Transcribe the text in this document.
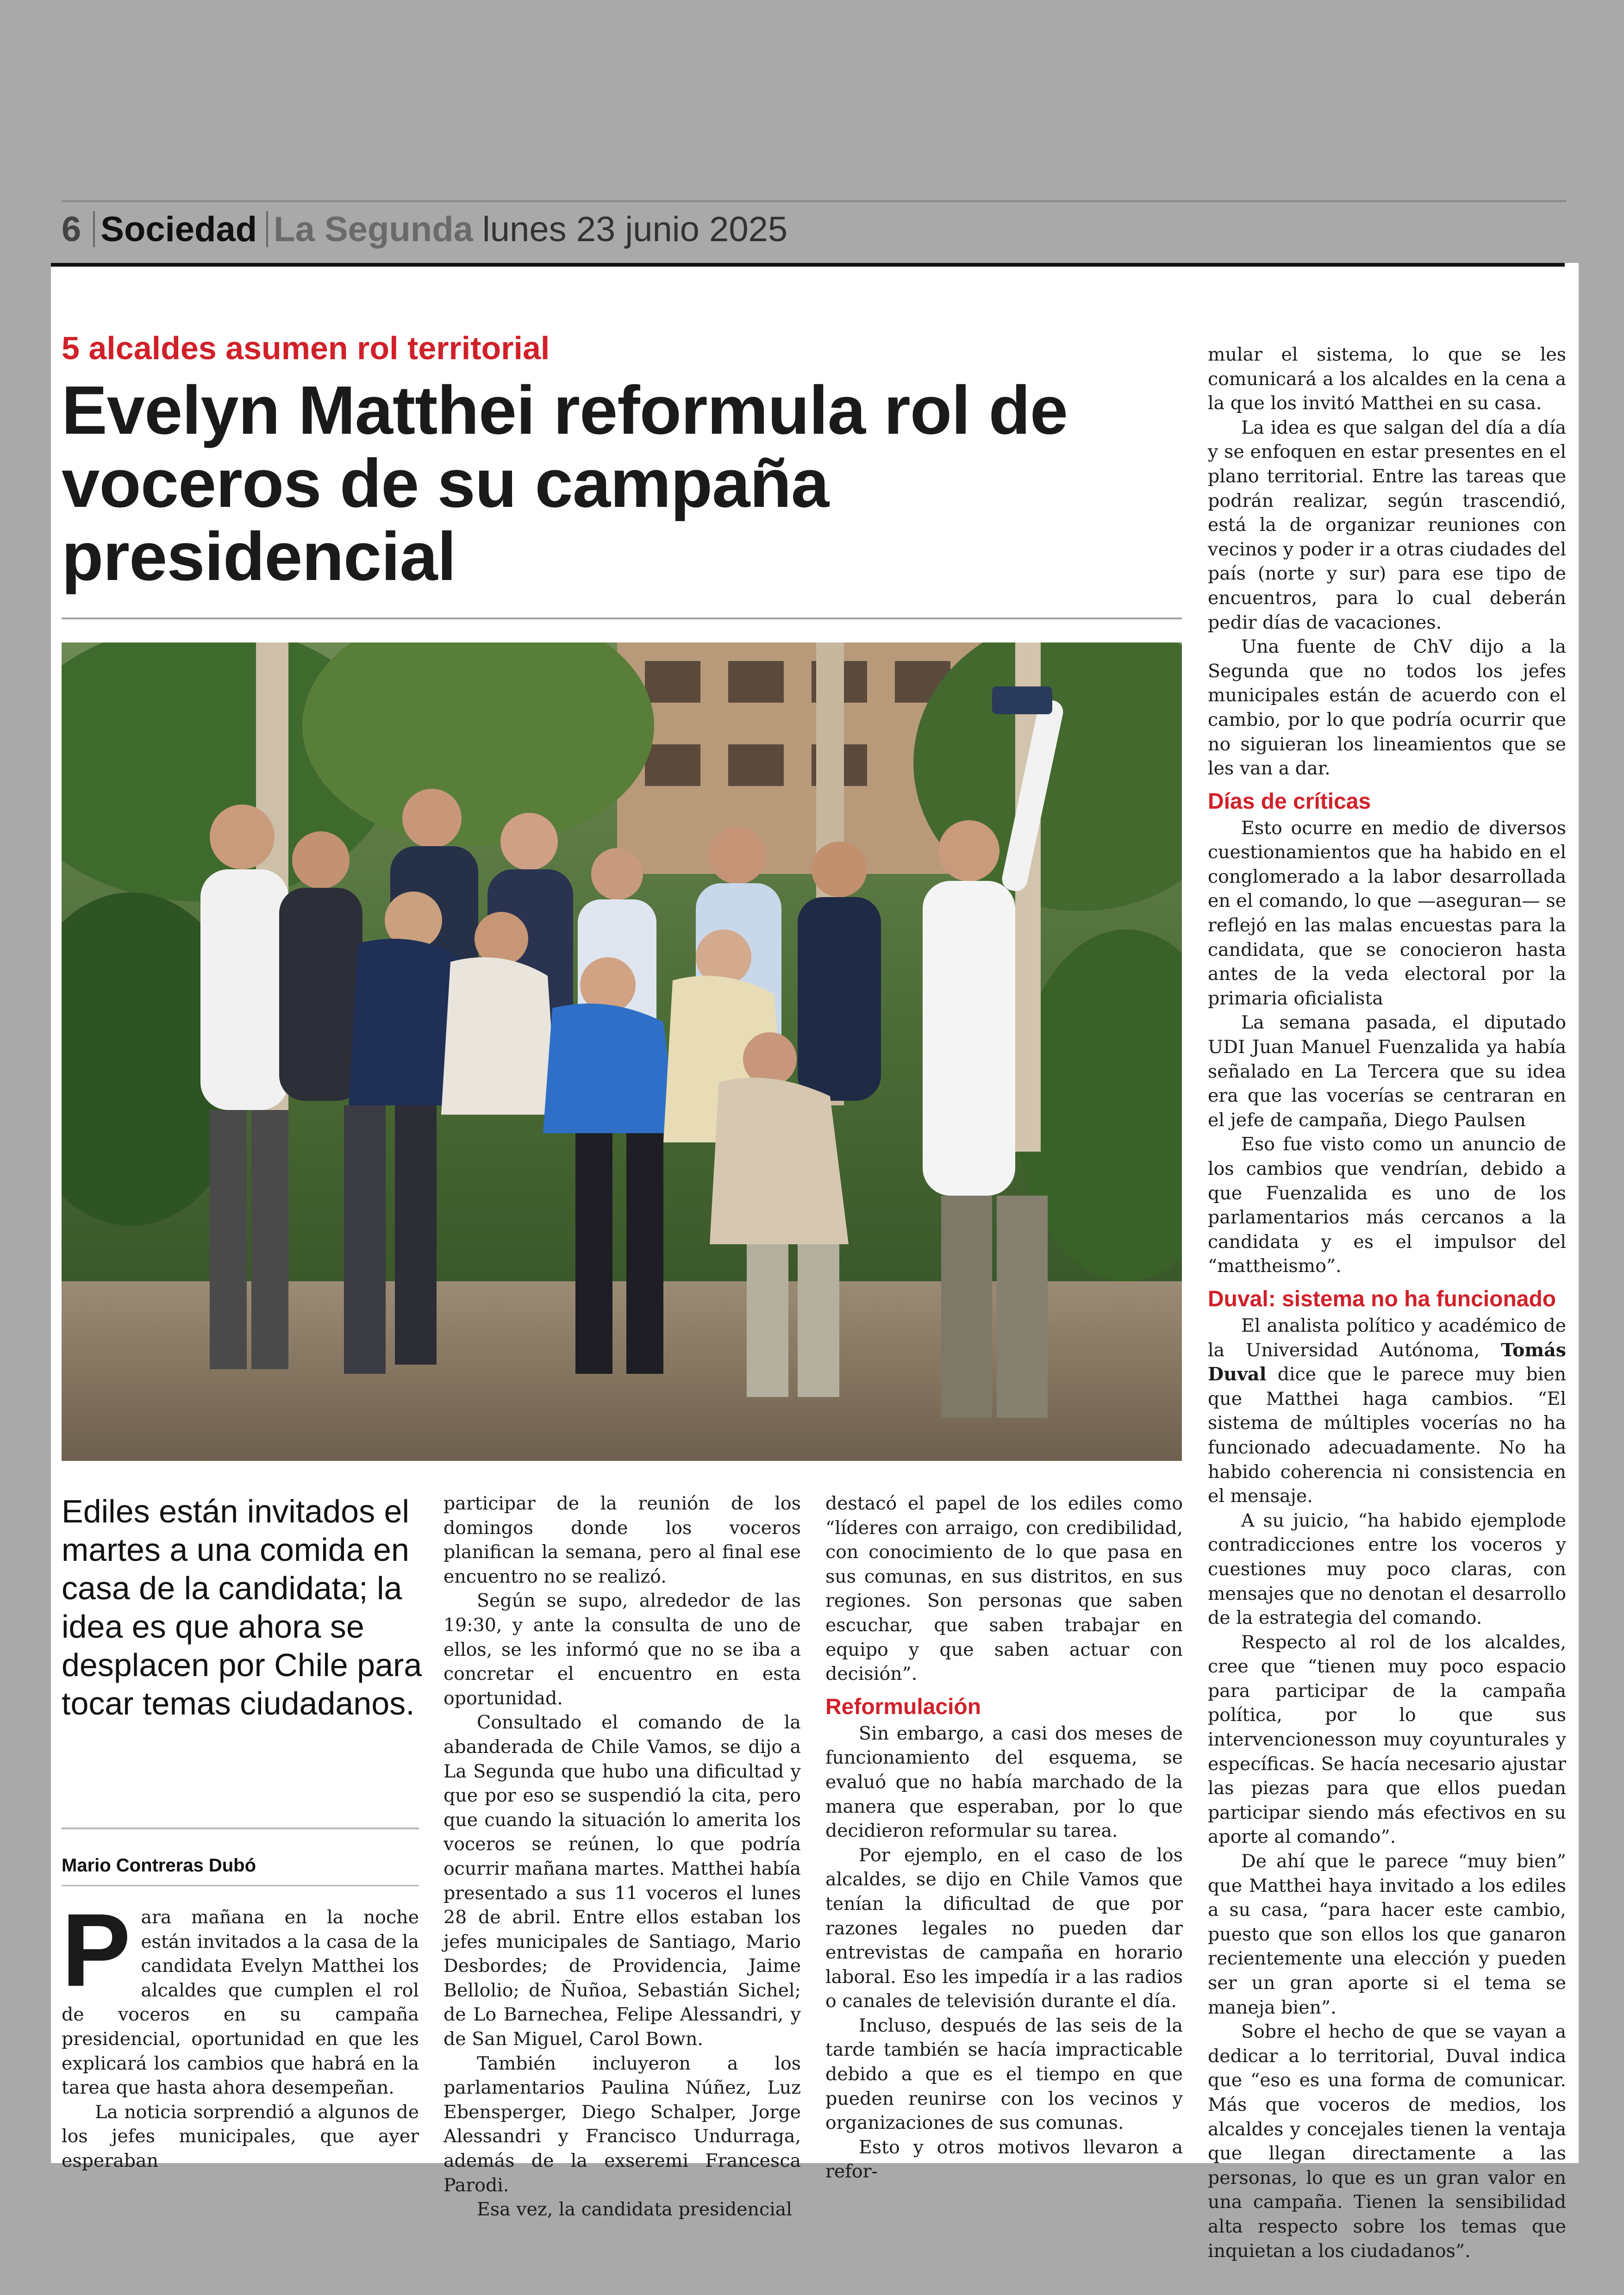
6 Sociedad La Segunda lunes 23 junio 2025
5 alcaldes asumen rol territorial
Evelyn Matthei reformula rol de voceros de su campaña presidencial
Ediles están invitados el martes a una comida en casa de la candidata; la idea es que ahora se desplacen por Chile para tocar temas ciudadanos.
Mario Contreras Dubó

Para mañana en la noche están invitados a la casa de la candidata Evelyn Matthei los alcaldes que cumplen el rol de voceros en su campaña presidencial, oportunidad en que les explicará los cambios que habrá en la tarea que hasta ahora desempeñan.

La noticia sorprendió a algunos de los jefes municipales, que ayer esperaban

participar de la reunión de los domingos donde los voceros planifican la semana, pero al final ese encuentro no se realizó.

Según se supo, alrededor de las 19:30, y ante la consulta de uno de ellos, se les informó que no se iba a concretar el encuentro en esta oportunidad.

Consultado el comando de la abanderada de Chile Vamos, se dijo a La Segunda que hubo una dificultad y que por eso se suspendió la cita, pero que cuando la situación lo amerita los voceros se reúnen, lo que podría ocurrir mañana martes. Matthei había presentado a sus 11 voceros el lunes 28 de abril. Entre ellos estaban los jefes municipales de Santiago, Mario Desbordes; de Providencia, Jaime Bellolio; de Ñuñoa, Sebastián Sichel; de Lo Barnechea, Felipe Alessandri, y de San Miguel, Carol Bown.

También incluyeron a los parlamentarios Paulina Núñez, Luz Ebensperger, Diego Schalper, Jorge Alessandri y Francisco Undurraga, además de la exseremi Francesca Parodi.

Esa vez, la candidata presidencial

destacó el papel de los ediles como “líderes con arraigo, con credibilidad, con conocimiento de lo que pasa en sus comunas, en sus distritos, en sus regiones. Son personas que saben escuchar, que saben trabajar en equipo y que saben actuar con decisión”.

Reformulación

Sin embargo, a casi dos meses de funcionamiento del esquema, se evaluó que no había marchado de la manera que esperaban, por lo que decidieron reformular su tarea.

Por ejemplo, en el caso de los alcaldes, se dijo en Chile Vamos que tenían la dificultad de que por razones legales no pueden dar entrevistas de campaña en horario laboral. Eso les impedía ir a las radios o canales de televisión durante el día.

Incluso, después de las seis de la tarde también se hacía impracticable debido a que es el tiempo en que pueden reunirse con los vecinos y organizaciones de sus comunas.

Esto y otros motivos llevaron a refor-

mular el sistema, lo que se les comunicará a los alcaldes en la cena a la que los invitó Matthei en su casa.

La idea es que salgan del día a día y se enfoquen en estar presentes en el plano territorial. Entre las tareas que podrán realizar, según trascendió, está la de organizar reuniones con vecinos y poder ir a otras ciudades del país (norte y sur) para ese tipo de encuentros, para lo cual deberán pedir días de vacaciones.

Una fuente de ChV dijo a la Segunda que no todos los jefes municipales están de acuerdo con el cambio, por lo que podría ocurrir que no siguieran los lineamientos que se les van a dar.

Días de críticas

Esto ocurre en medio de diversos cuestionamientos que ha habido en el conglomerado a la labor desarrollada en el comando, lo que —aseguran— se reflejó en las malas encuestas para la candidata, que se conocieron hasta antes de la veda electoral por la primaria oficialista

La semana pasada, el diputado UDI Juan Manuel Fuenzalida ya había señalado en La Tercera que su idea era que las vocerías se centraran en el jefe de campaña, Diego Paulsen

Eso fue visto como un anuncio de los cambios que vendrían, debido a que Fuenzalida es uno de los parlamentarios más cercanos a la candidata y es el impulsor del “mattheismo”.

Duval: sistema no ha funcionado

El analista político y académico de la Universidad Autónoma, Tomás Duval dice que le parece muy bien que Matthei haga cambios. “El sistema de múltiples vocerías no ha funcionado adecuadamente. No ha habido coherencia ni consistencia en el mensaje.

A su juicio, “ha habido ejemplode contradicciones entre los voceros y cuestiones muy poco claras, con mensajes que no denotan el desarrollo de la estrategia del comando.

Respecto al rol de los alcaldes, cree que “tienen muy poco espacio para participar de la campaña política, por lo que sus intervencionesson muy coyunturales y específicas. Se hacía necesario ajustar las piezas para que ellos puedan participar siendo más efectivos en su aporte al comando”.

De ahí que le parece “muy bien” que Matthei haya invitado a los ediles a su casa, “para hacer este cambio, puesto que son ellos los que ganaron recientemente una elección y pueden ser un gran aporte si el tema se maneja bien”.

Sobre el hecho de que se vayan a dedicar a lo territorial, Duval indica que “eso es una forma de comunicar. Más que voceros de medios, los alcaldes y concejales tienen la ventaja que llegan directamente a las personas, lo que es un gran valor en una campaña. Tienen la sensibilidad alta respecto sobre los temas que inquietan a los ciudadanos”.
